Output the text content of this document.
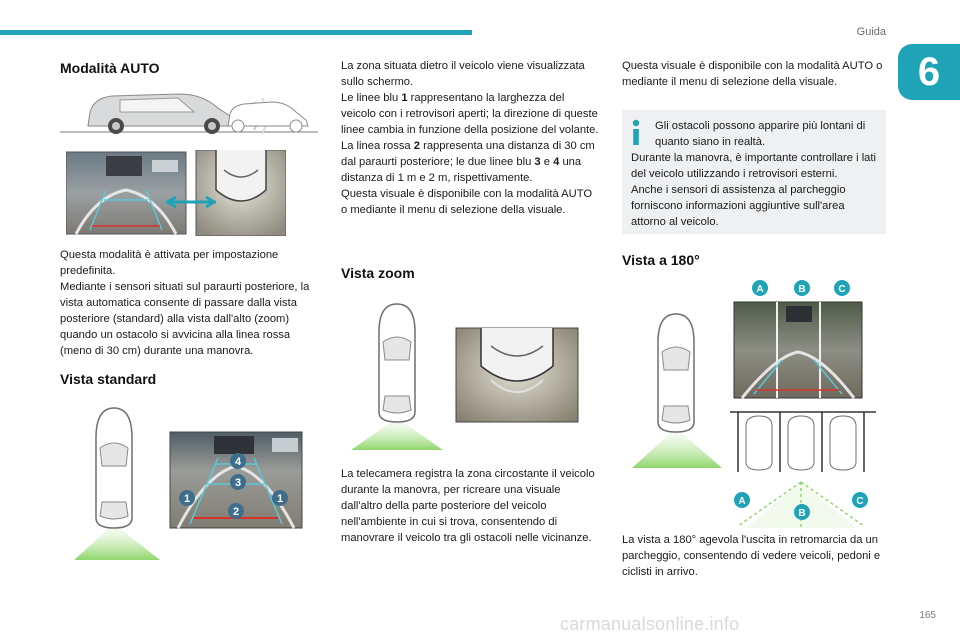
Guida
6
Modalità AUTO

Questa modalità è attivata per impostazione predefinita.

Mediante i sensori situati sul paraurti posteriore, la vista automatica consente di passare dalla vista posteriore (standard) alla vista dall'alto (zoom) quando un ostacolo si avvicina alla linea rossa (meno di 30 cm) durante una manovra.

Vista standard
4
3
1	1
2

La zona situata dietro il veicolo viene visualizzata sullo schermo.

Le linee blu 1 rappresentano la larghezza del veicolo con i retrovisori aperti; la direzione di queste linee cambia in funzione della posizione del volante.

La linea rossa 2 rappresenta una distanza di 30 cm dal paraurti posteriore; le due linee blu 3 e 4 una distanza di 1 m e 2 m, rispettivamente.

Questa visuale è disponibile con la modalità AUTO o mediante il menu di selezione della visuale.

Vista zoom
La telecamera registra la zona circostante il veicolo durante la manovra, per ricreare una visuale dall'altro della parte posteriore del veicolo nell'ambiente in cui si trova, consentendo di manovrare il veicolo tra gli ostacoli nelle vicinanze.
Questa visuale è disponibile con la modalità AUTO o mediante il menu di selezione della visuale.

Gli ostacoli possono apparire più lontani di quanto siano in realtà.

Durante la manovra, è importante controllare i lati del veicolo utilizzando i retrovisori esterni.

Anche i sensori di assistenza al parcheggio forniscono informazioni aggiuntive sull'area attorno al veicolo.

Vista a 180°
A	B	C
A
B
C
La vista a 180° agevola l'uscita in retromarcia da un parcheggio, consentendo di vedere veicoli, pedoni e ciclisti in arrivo.
carmanualsonline.info	165
